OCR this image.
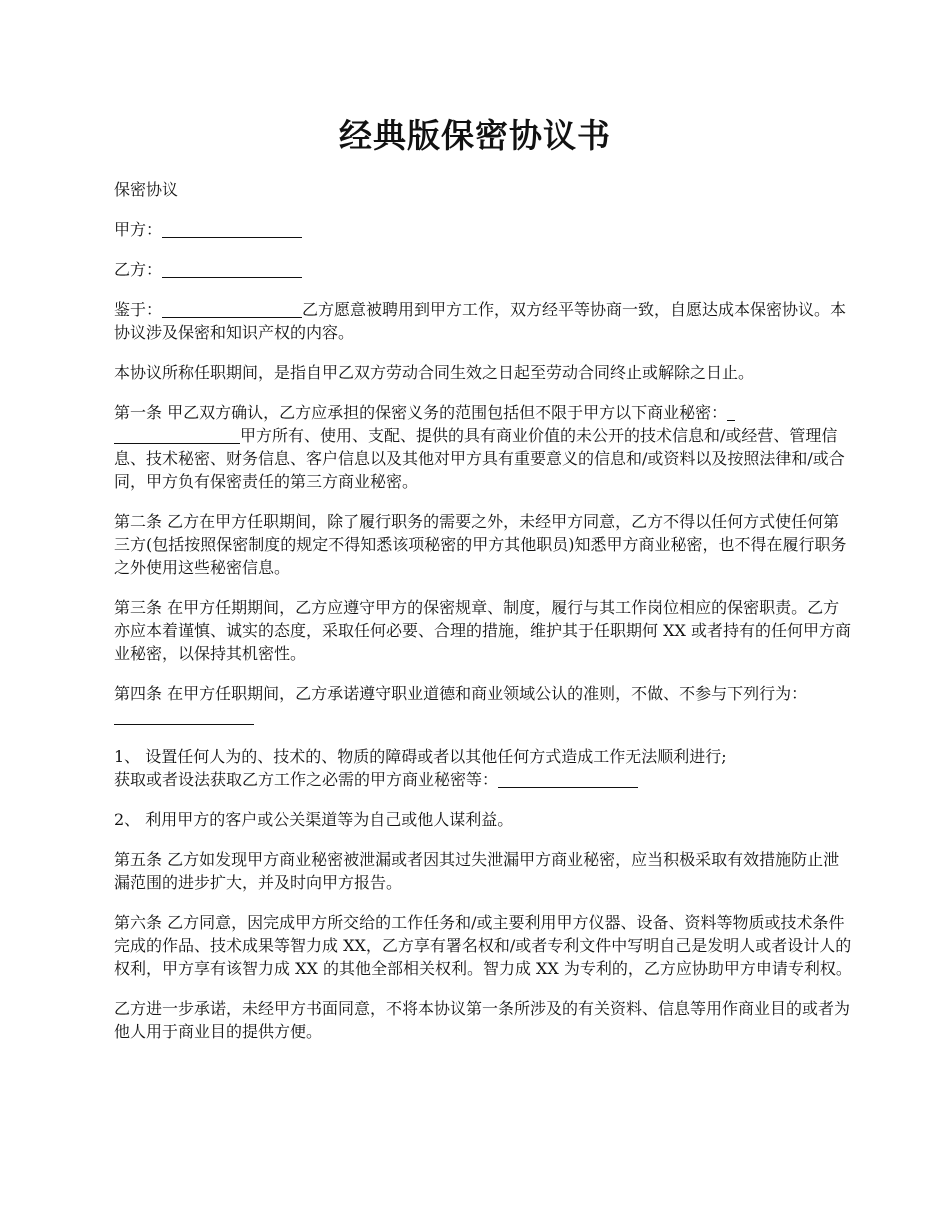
经典版保密协议书

保密协议

甲方：

乙方：

鉴于：	乙方愿意被聘用到甲方工作，双方经平等协商一致，自愿达成本保密协议。本协议涉及保密和知识产权的内容。

本协议所称任职期间，是指自甲乙双方劳动合同生效之日起至劳动合同终止或解除之日止。

第一条 甲乙双方确认，乙方应承担的保密义务的范围包括但不限于甲方以下商业秘密：
甲方所有、使用、支配、提供的具有商业价值的未公开的技术信息和/或经营、管理信息、技术秘密、财务信息、客户信息以及其他对甲方具有重要意义的信息和/或资料以及按照法律和/或合同，甲方负有保密责任的第三方商业秘密。

第二条 乙方在甲方任职期间，除了履行职务的需要之外，未经甲方同意，乙方不得以任何方式使任何第三方(包括按照保密制度的规定不得知悉该项秘密的甲方其他职员)知悉甲方商业秘密，也不得在履行职务之外使用这些秘密信息。

第三条 在甲方任期期间，乙方应遵守甲方的保密规章、制度，履行与其工作岗位相应的保密职责。乙方亦应本着谨慎、诚实的态度，采取任何必要、合理的措施，维护其于任职期何 XX 或者持有的任何甲方商业秘密，以保持其机密性。

第四条 在甲方任职期间，乙方承诺遵守职业道德和商业领域公认的准则，不做、不参与下列行为：

1、 设置任何人为的、技术的、物质的障碍或者以其他任何方式造成工作无法顺利进行;
获取或者设法获取乙方工作之必需的甲方商业秘密等：

2、 利用甲方的客户或公关渠道等为自己或他人谋利益。

第五条 乙方如发现甲方商业秘密被泄漏或者因其过失泄漏甲方商业秘密，应当积极采取有效措施防止泄漏范围的进步扩大，并及时向甲方报告。

第六条 乙方同意，因完成甲方所交给的工作任务和/或主要利用甲方仪器、设备、资料等物质或技术条件完成的作品、技术成果等智力成 XX，乙方享有署名权和/或者专利文件中写明自己是发明人或者设计人的权利，甲方享有该智力成 XX 的其他全部相关权利。智力成 XX 为专利的，乙方应协助甲方申请专利权。

乙方进一步承诺，未经甲方书面同意，不将本协议第一条所涉及的有关资料、信息等用作商业目的或者为他人用于商业目的提供方便。
